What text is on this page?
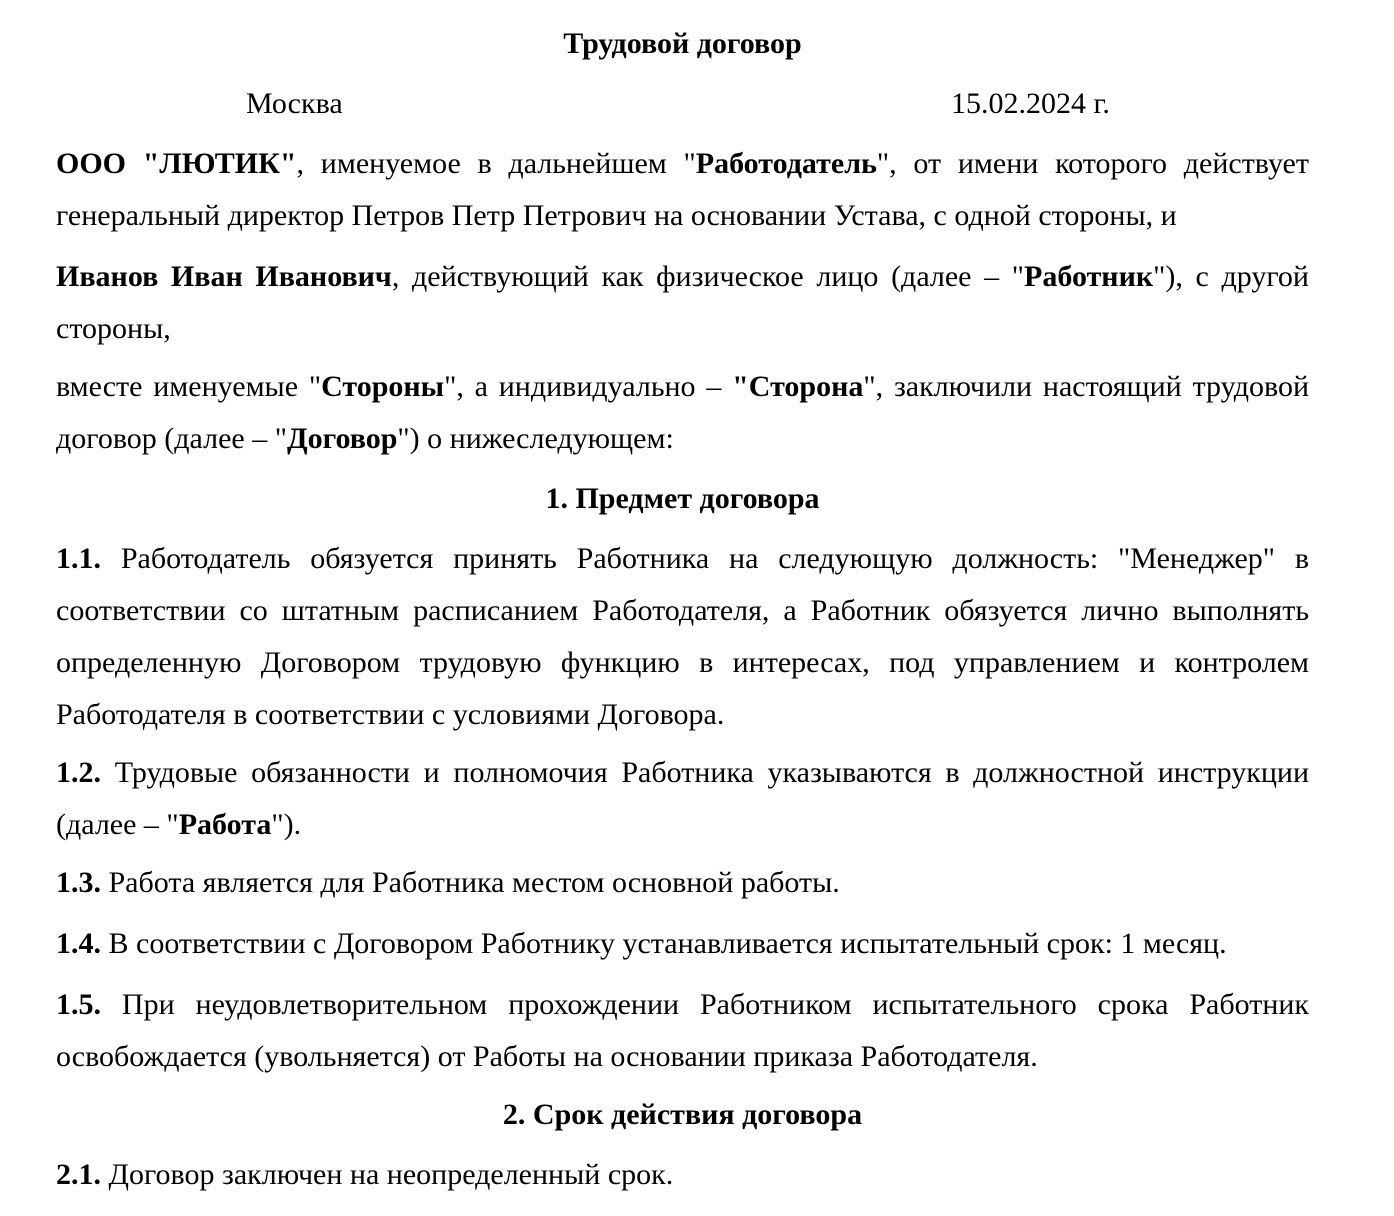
Трудовой договор
Москва	15.02.2024 г.

ООО "ЛЮТИК", именуемое в дальнейшем "Работодатель", от имени которого действует генеральный директор Петров Петр Петрович на основании Устава, с одной стороны, и

Иванов Иван Иванович, действующий как физическое лицо (далее – "Работник"), с другой стороны,

вместе именуемые "Стороны", а индивидуально – "Сторона", заключили настоящий трудовой договор (далее – "Договор") о нижеследующем:

1. Предмет договора

1.1. Работодатель обязуется принять Работника на следующую должность: "Менеджер" в соответствии со штатным расписанием Работодателя, а Работник обязуется лично выполнять определенную Договором трудовую функцию в интересах, под управлением и контролем Работодателя в соответствии с условиями Договора.

1.2. Трудовые обязанности и полномочия Работника указываются в должностной инструкции (далее – "Работа").

1.3. Работа является для Работника местом основной работы.

1.4. В соответствии с Договором Работнику устанавливается испытательный срок: 1 месяц.

1.5. При неудовлетворительном прохождении Работником испытательного срока Работник освобождается (увольняется) от Работы на основании приказа Работодателя.

2. Срок действия договора

2.1. Договор заключен на неопределенный срок.
